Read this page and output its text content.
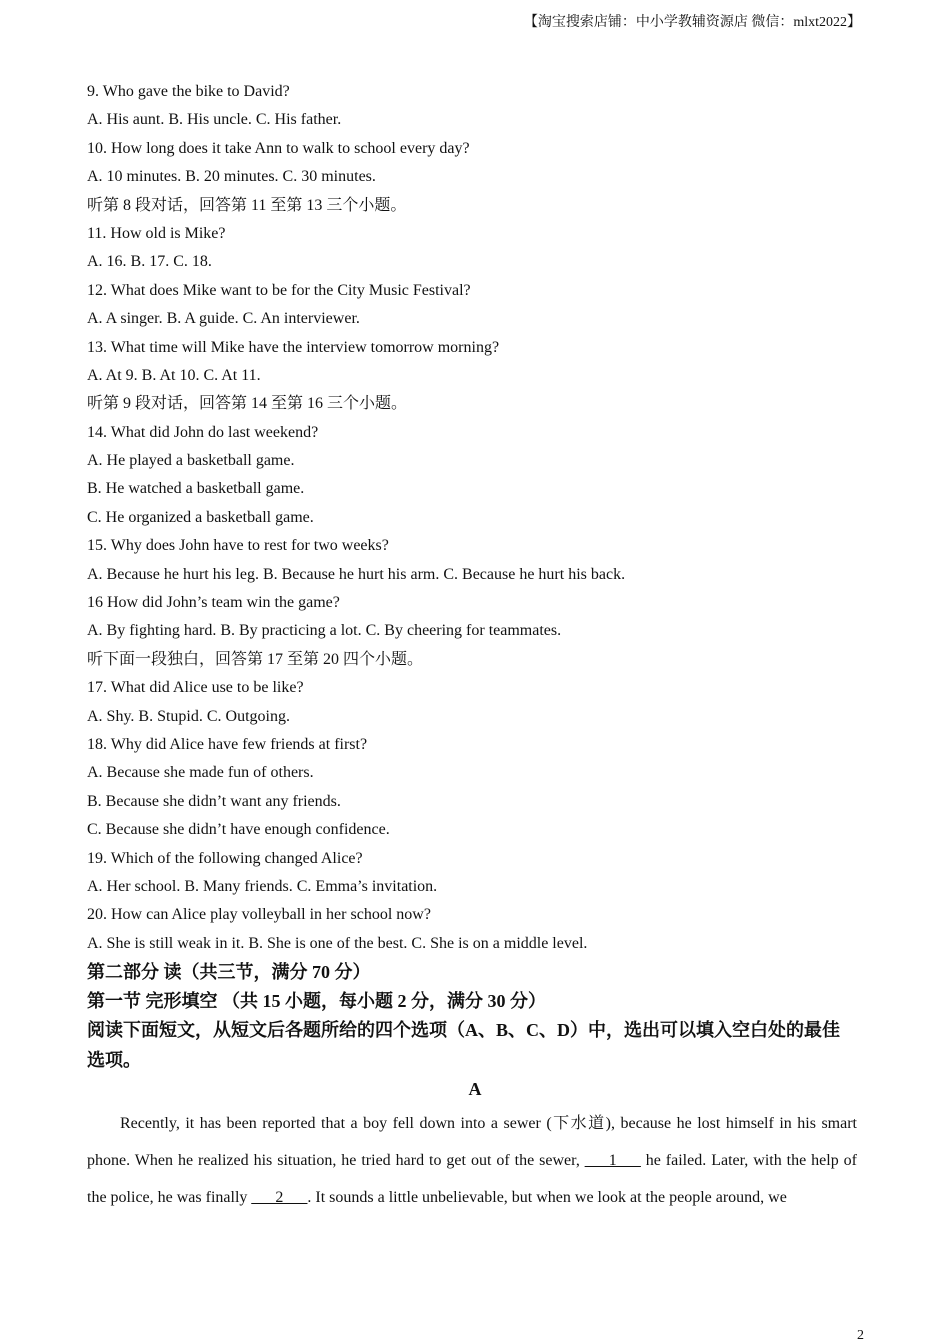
【淘宝搜索店铺：中小学教辅资源店 微信：mlxt2022】
9. Who gave the bike to David?
A. His aunt. B. His uncle. C. His father.
10. How long does it take Ann to walk to school every day?
A. 10 minutes. B. 20 minutes. C. 30 minutes.
听第 8 段对话，回答第 11 至第 13 三个小题。
11. How old is Mike?
A. 16. B. 17. C. 18.
12. What does Mike want to be for the City Music Festival?
A. A singer. B. A guide. C. An interviewer.
13. What time will Mike have the interview tomorrow morning?
A. At 9. B. At 10. C. At 11.
听第 9 段对话，回答第 14 至第 16 三个小题。
14. What did John do last weekend?
A. He played a basketball game.
B. He watched a basketball game.
C. He organized a basketball game.
15. Why does John have to rest for two weeks?
A. Because he hurt his leg. B. Because he hurt his arm. C. Because he hurt his back.
16 How did John’s team win the game?
A. By fighting hard. B. By practicing a lot. C. By cheering for teammates.
听下面一段独白，回答第 17 至第 20 四个小题。
17. What did Alice use to be like?
A. Shy. B. Stupid. C. Outgoing.
18. Why did Alice have few friends at first?
A. Because she made fun of others.
B. Because she didn’t want any friends.
C. Because she didn’t have enough confidence.
19. Which of the following changed Alice?
A. Her school. B. Many friends. C. Emma’s invitation.
20. How can Alice play volleyball in her school now?
A. She is still weak in it. B. She is one of the best. C. She is on a middle level.
第二部分 读（共三节，满分 70 分）
第一节 完形填空 （共 15 小题，每小题 2 分，满分 30 分）
阅读下面短文，从短文后各题所给的四个选项（A、B、C、D）中，选出可以填入空白处的最佳选项。
A
Recently, it has been reported that a boy fell down into a sewer (下水道), because he lost himself in his smart phone. When he realized his situation, he tried hard to get out of the sewer, ___1___ he failed. Later, with the help of the police, he was finally ___2___. It sounds a little unbelievable, but when we look at the people around, we
2
